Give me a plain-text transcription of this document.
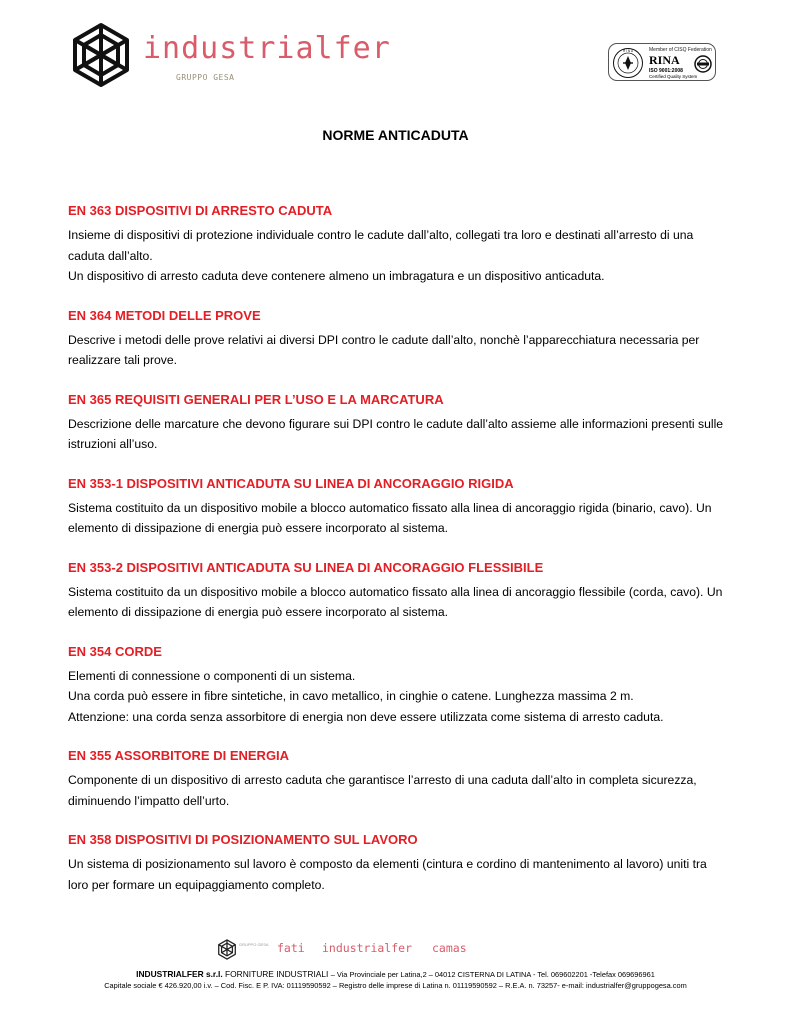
industrialfer
GRUPPO GESA
R I N A	Member of CISQ Federation
RINA
ISO 9001:2008
Certified Quality System
NORME ANTICADUTA
EN 363 DISPOSITIVI DI ARRESTO CADUTA
Insieme di dispositivi di protezione individuale contro le cadute dall’alto, collegati tra loro e destinati all’arresto di una
caduta dall’alto.
Un dispositivo di arresto caduta deve contenere almeno un imbragatura e un dispositivo anticaduta.
EN 364 METODI DELLE PROVE
Descrive i metodi delle prove relativi ai diversi DPI contro le cadute dall’alto, nonchè l’apparecchiatura necessaria per
realizzare tali prove.
EN 365 REQUISITI GENERALI PER L’USO E LA MARCATURA
Descrizione delle marcature che devono figurare sui DPI contro le cadute dall’alto assieme alle informazioni presenti sulle
istruzioni all’uso.
EN 353-1 DISPOSITIVI ANTICADUTA SU LINEA DI ANCORAGGIO RIGIDA
Sistema costituito da un dispositivo mobile a blocco automatico fissato alla linea di ancoraggio rigida (binario, cavo). Un
elemento di dissipazione di energia può essere incorporato al sistema.
EN 353-2 DISPOSITIVI ANTICADUTA SU LINEA DI ANCORAGGIO FLESSIBILE
Sistema costituito da un dispositivo mobile a blocco automatico fissato alla linea di ancoraggio flessibile (corda, cavo). Un
elemento di dissipazione di energia può essere incorporato al sistema.
EN 354 CORDE
Elementi di connessione o componenti di un sistema.
Una corda può essere in fibre sintetiche, in cavo metallico, in cinghie o catene. Lunghezza massima 2 m.
Attenzione: una corda senza assorbitore di energia non deve essere utilizzata come sistema di arresto caduta.
EN 355 ASSORBITORE DI ENERGIA
Componente di un dispositivo di arresto caduta che garantisce l’arresto di una caduta dall’alto in completa sicurezza,
diminuendo l’impatto dell’urto.
EN 358 DISPOSITIVI DI POSIZIONAMENTO SUL LAVORO
Un sistema di posizionamento sul lavoro è composto da elementi (cintura e cordino di mantenimento al lavoro) uniti tra
loro per formare un equipaggiamento completo.
GRUPPO GESA fati industrialfer camas
INDUSTRIALFER s.r.l. FORNITURE INDUSTRIALI – Via Provinciale per Latina,2 – 04012 CISTERNA DI LATINA - Tel. 069602201 -Telefax 069696961
Capitale sociale € 426.920,00 i.v. – Cod. Fisc. E P. IVA: 01119590592 – Registro delle imprese di Latina n. 01119590592 – R.E.A. n. 73257- e-mail: industrialfer@gruppogesa.com
